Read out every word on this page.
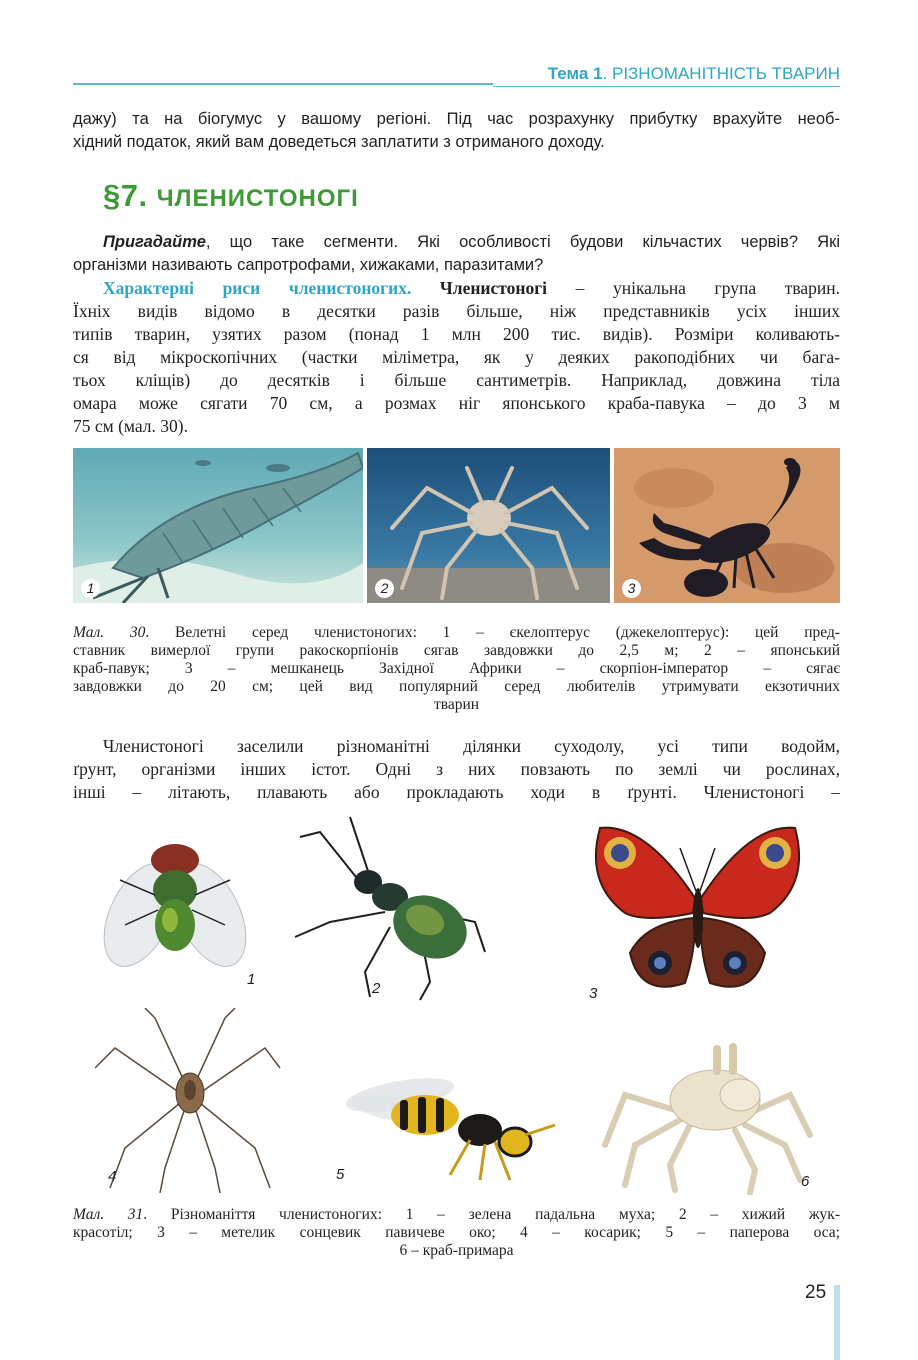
Тема 1. РІЗНОМАНІТНІСТЬ ТВАРИН
дажу) та на біогумус у вашому регіоні. Під час розрахунку прибутку врахуйте необ-
хідний податок, який вам доведеться заплатити з отриманого доходу.
§7. ЧЛЕНИСТОНОГІ
Пригадайте, що таке сегменти. Які особливості будови кільчастих червів? Які
організми називають сапротрофами, хижаками, паразитами?
Характерні риси членистоногих. Членистоногі – унікальна група тварин.
Їхніх видів відомо в десятки разів більше, ніж представників усіх інших
типів тварин, узятих разом (понад 1 млн 200 тис. видів). Розміри коливають-
ся від мікроскопічних (частки міліметра, як у деяких ракоподібних чи бага-
тьох кліщів) до десятків і більше сантиметрів. Наприклад, довжина тіла
омара може сягати 70 см, а розмах ніг японського краба-павука – до 3 м
75 см (мал. 30).
1	2	3
Мал. 30. Велетні серед членистоногих: 1 – єкелоптерус (джекелоптерус): цей пред-
ставник вимерлої групи ракоскорпіонів сягав завдовжки до 2,5 м; 2 – японський
краб-павук; 3 – мешканець Західної Африки – скорпіон-імператор – сягає
завдовжки до 20 см; цей вид популярний серед любителів утримувати екзотичних
тварин
Членистоногі заселили різноманітні ділянки суходолу, усі типи водойм,
ґрунт, організми інших істот. Одні з них повзають по землі чи рослинах,
інші – літають, плавають або прокладають ходи в ґрунті. Членистоногі –
1
2	3
4	5	6
Мал. 31. Різноманіття членистоногих: 1 – зелена падальна муха; 2 – хижий жук-
красотіл; 3 – метелик сонцевик павичеве око; 4 – косарик; 5 – паперова оса;
6 – краб-примара
25
